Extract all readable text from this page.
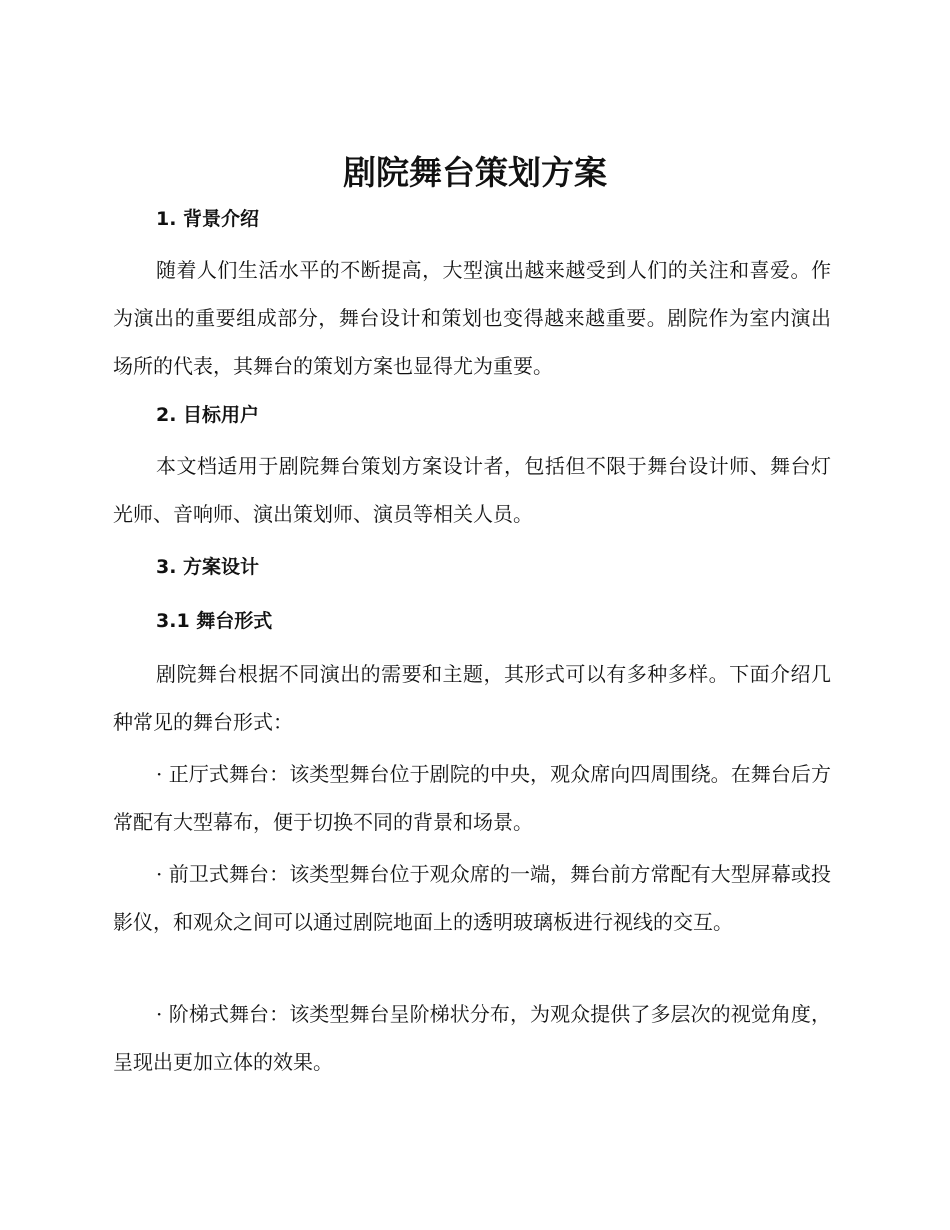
剧院舞台策划方案
1. 背景介绍

随着人们生活水平的不断提高，大型演出越来越受到人们的关注和喜爱。作为演出的重要组成部分，舞台设计和策划也变得越来越重要。剧院作为室内演出场所的代表，其舞台的策划方案也显得尤为重要。

2. 目标用户

本文档适用于剧院舞台策划方案设计者，包括但不限于舞台设计师、舞台灯光师、音响师、演出策划师、演员等相关人员。

3. 方案设计
3.1 舞台形式

剧院舞台根据不同演出的需要和主题，其形式可以有多种多样。下面介绍几种常见的舞台形式：

· 正厅式舞台：该类型舞台位于剧院的中央，观众席向四周围绕。在舞台后方常配有大型幕布，便于切换不同的背景和场景。

· 前卫式舞台：该类型舞台位于观众席的一端，舞台前方常配有大型屏幕或投影仪，和观众之间可以通过剧院地面上的透明玻璃板进行视线的交互。

· 阶梯式舞台：该类型舞台呈阶梯状分布，为观众提供了多层次的视觉角度，呈现出更加立体的效果。
